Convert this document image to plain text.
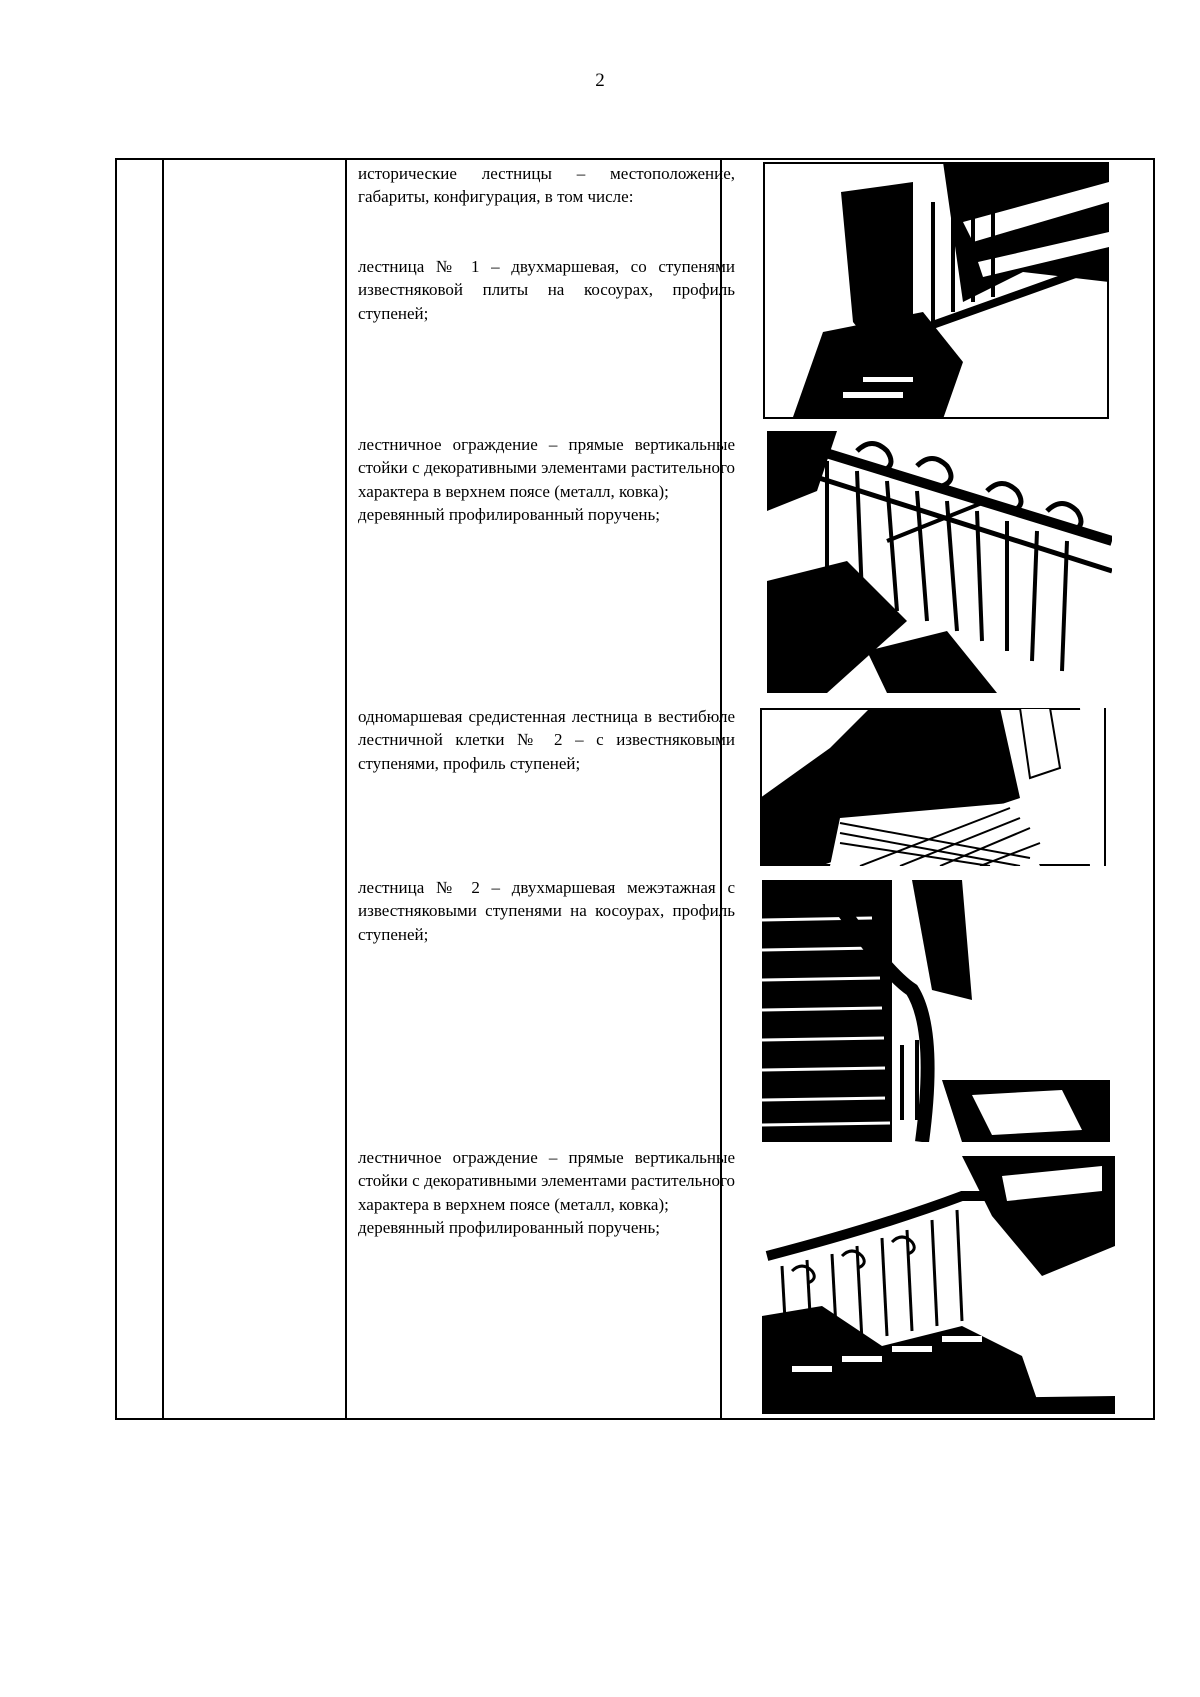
2

исторические лестницы – местоположение, габариты, конфигурация, в том числе:

лестница № 1 – двухмаршевая, со ступенями известняковой плиты на косоурах, профиль ступеней;

лестничное ограждение – прямые вертикальные стойки с декоративными элементами растительного характера в верхнем поясе (металл, ковка);

деревянный профилированный поручень;

одномаршевая средистенная лестница в вестибюле лестничной клетки № 2 – с известняковыми ступенями, профиль ступеней;

лестница № 2 – двухмаршевая межэтажная с известняковыми ступенями на косоурах, профиль ступеней;

лестничное ограждение – прямые вертикальные стойки с декоративными элементами растительного характера в верхнем поясе (металл, ковка);

деревянный профилированный поручень;
